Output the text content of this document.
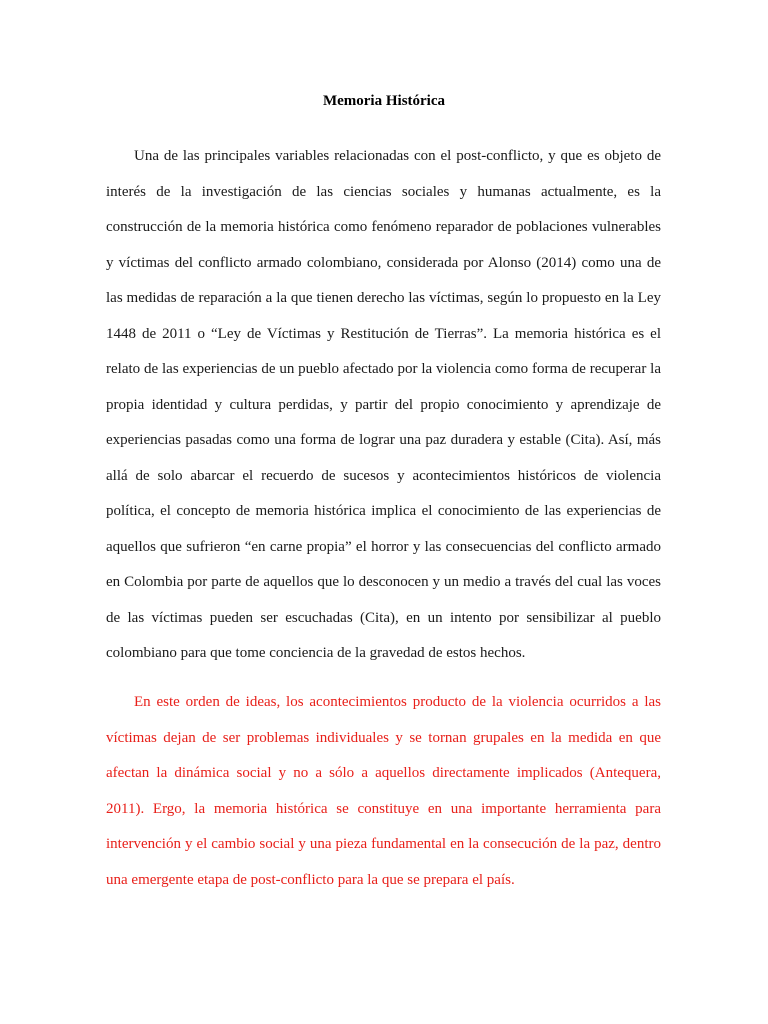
Memoria Histórica

Una de las principales variables relacionadas con el post-conflicto, y que es objeto de interés de la investigación de las ciencias sociales y humanas actualmente, es la construcción de la memoria histórica como fenómeno reparador de poblaciones vulnerables y víctimas del conflicto armado colombiano, considerada por Alonso (2014) como una de las medidas de reparación a la que tienen derecho las víctimas, según lo propuesto en la Ley 1448 de 2011 o “Ley de Víctimas y Restitución de Tierras”. La memoria histórica es el relato de las experiencias de un pueblo afectado por la violencia como forma de recuperar la propia identidad y cultura perdidas, y partir del propio conocimiento y aprendizaje de experiencias pasadas como una forma de lograr una paz duradera y estable (Cita). Así, más allá de solo abarcar el recuerdo de sucesos y acontecimientos históricos de violencia política, el concepto de memoria histórica implica el conocimiento de las experiencias de aquellos que sufrieron “en carne propia” el horror y las consecuencias del conflicto armado en Colombia por parte de aquellos que lo desconocen y un medio a través del cual las voces de las víctimas pueden ser escuchadas (Cita), en un intento por sensibilizar al pueblo colombiano para que tome conciencia de la gravedad de estos hechos.

En este orden de ideas, los acontecimientos producto de la violencia ocurridos a las víctimas dejan de ser problemas individuales y se tornan grupales en la medida en que afectan la dinámica social y no a sólo a aquellos directamente implicados (Antequera, 2011). Ergo, la memoria histórica se constituye en una importante herramienta para intervención y el cambio social y una pieza fundamental en la consecución de la paz, dentro una emergente etapa de post-conflicto para la que se prepara el país.
